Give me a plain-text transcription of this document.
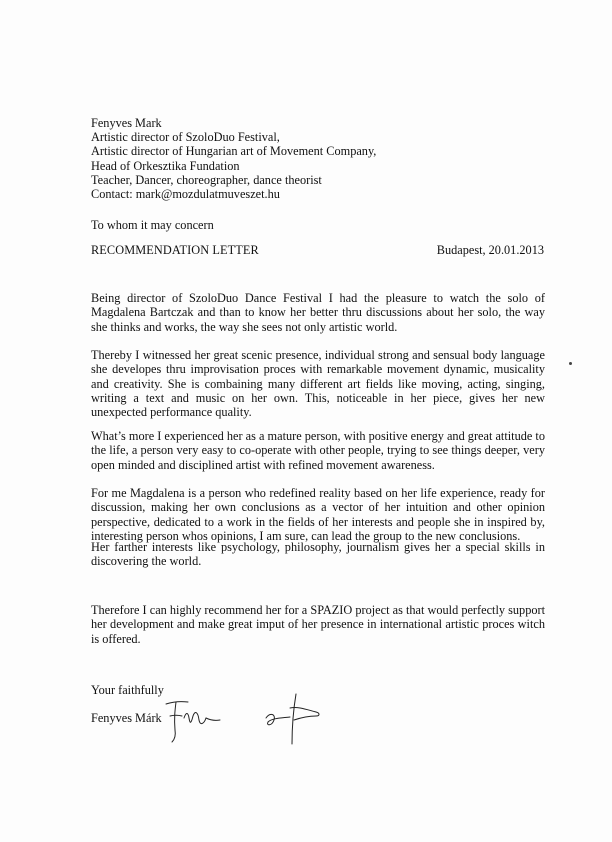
Fenyves Mark
Artistic director of SzoloDuo Festival,
Artistic director of Hungarian art of Movement Company,
Head of Orkesztika Fundation
Teacher, Dancer, choreographer, dance theorist
Contact: mark@mozdulatmuveszet.hu
To whom it may concern
RECOMMENDATION LETTER	Budapest, 20.01.2013
Being director of SzoloDuo Dance Festival I had the pleasure to watch the solo of Magdalena Bartczak and than to know her better thru discussions about her solo, the way she thinks and works, the way she sees not only artistic world.
Thereby I witnessed her great scenic presence, individual strong and sensual body language she developes thru improvisation proces with remarkable movement dynamic, musicality and creativity. She is combaining many different art fields like moving, acting, singing, writing a text and music on her own. This, noticeable in her piece, gives her new unexpected performance quality.
What’s more I experienced her as a mature person, with positive energy and great attitude to the life, a person very easy to co-operate with other people, trying to see things deeper, very open minded and disciplined artist with refined movement awareness.
For me Magdalena is a person who redefined reality based on her life experience, ready for discussion, making her own conclusions as a vector of her intuition and other opinion perspective, dedicated to a work in the fields of her interests and people she in inspired by, interesting person whos opinions, I am sure, can lead the group to the new conclusions.
Her farther interests like psychology, philosophy, journalism gives her a special skills in discovering the world.
Therefore I can highly recommend her for a SPAZIO project as that would perfectly support her development and make great imput of her presence in international artistic proces witch is offered.
Your faithfully
Fenyves Márk
